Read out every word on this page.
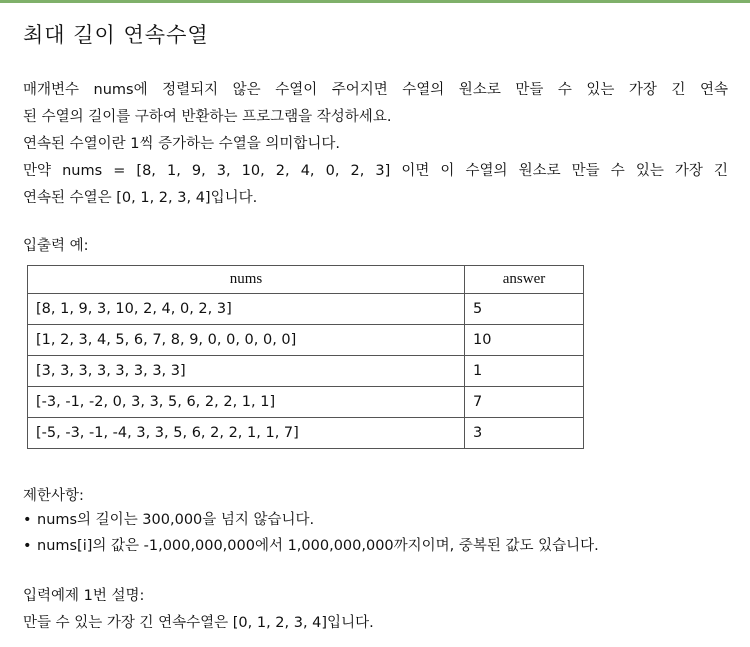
최대 길이 연속수열

매개변수 nums에 정렬되지 않은 수열이 주어지면 수열의 원소로 만들 수 있는 가장 긴 연속
된 수열의 길이를 구하여 반환하는 프로그램을 작성하세요.
연속된 수열이란 1씩 증가하는 수열을 의미합니다.
만약 nums = [8, 1, 9, 3, 10, 2, 4, 0, 2, 3] 이면 이 수열의 원소로 만들 수 있는 가장 긴
연속된 수열은 [0, 1, 2, 3, 4]입니다.

입출력 예:
nums	answer
[8, 1, 9, 3, 10, 2, 4, 0, 2, 3]	5
[1, 2, 3, 4, 5, 6, 7, 8, 9, 0, 0, 0, 0, 0]	10
[3, 3, 3, 3, 3, 3, 3, 3]	1
[-3, -1, -2, 0, 3, 3, 5, 6, 2, 2, 1, 1]	7
[-5, -3, -1, -4, 3, 3, 5, 6, 2, 2, 1, 1, 7]	3
제한사항:
• nums의 길이는 300,000을 넘지 않습니다.
• nums[i]의 값은 -1,000,000,000에서 1,000,000,000까지이며, 중복된 값도 있습니다.
입력예제 1번 설명:
만들 수 있는 가장 긴 연속수열은 [0, 1, 2, 3, 4]입니다.
